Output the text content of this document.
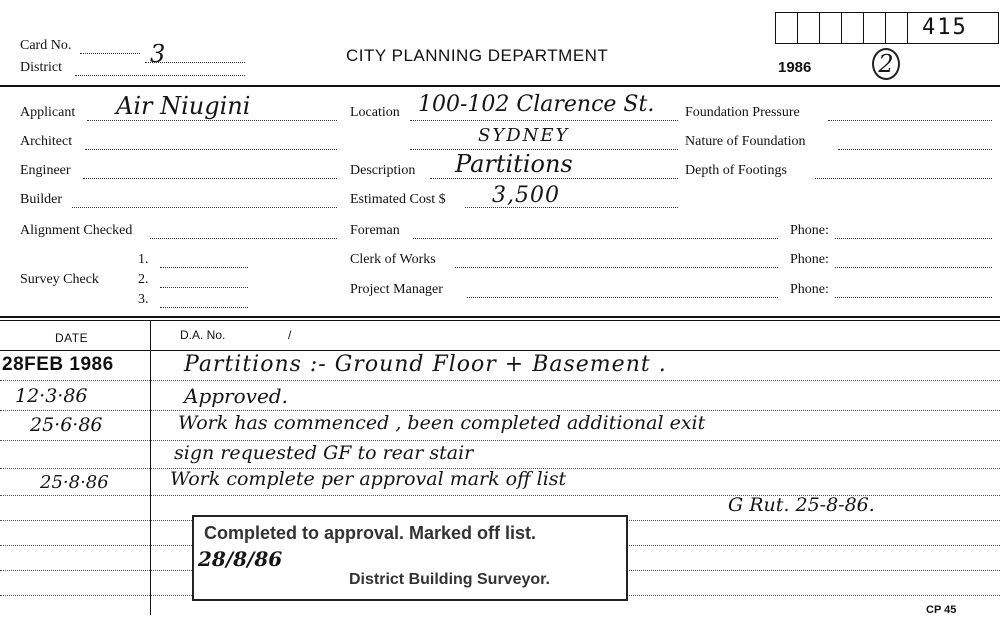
Card No.	3
District
CITY PLANNING DEPARTMENT
1986	2
415
Applicant Air Niugini
Architect
Engineer
Builder
Alignment Checked
Survey Check
1.
2.
3.
Location 100-102 Clarence St.
SYDNEY
Description Partitions
Estimated Cost $ 3,500
Foreman
Clerk of Works
Project Manager
Foundation Pressure
Nature of Foundation
Depth of Footings
Phone:
Phone:
Phone:
DATE	D.A. No.	/
28FEB 1986	Partitions :- Ground Floor + Basement .
12·3·86	Approved.
25·6·86	Work has commenced , been completed additional exit
sign requested GF to rear stair
25·8·86	Work complete per approval mark off list
G Rut. 25-8-86.
Completed to approval. Marked off list.
28/8/86
District Building Surveyor.
CP 45
